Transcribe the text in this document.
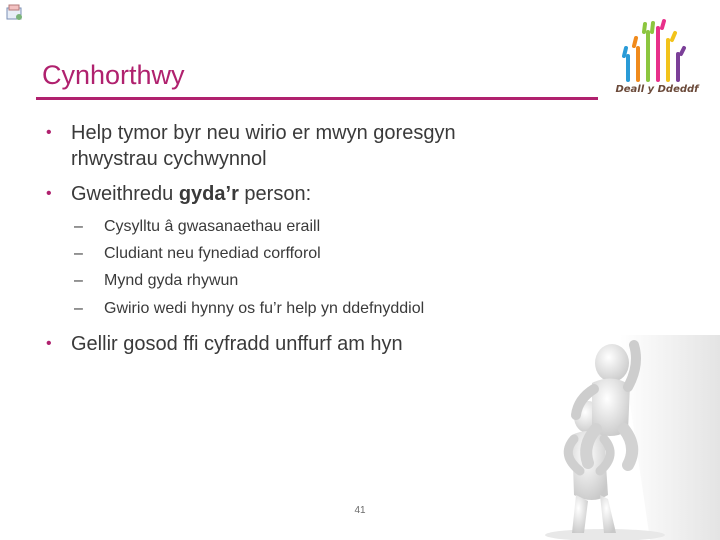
Cynhorthwy	Deall y Ddeddf
• Help tymor byr neu wirio er mwyn goresgyn
rhwystrau cychwynnol
• Gweithredu gyda’r person:
– Cysylltu â gwasanaethau eraill
– Cludiant neu fynediad corfforol
– Mynd gyda rhywun
– Gwirio wedi hynny os fu’r help yn ddefnyddiol
• Gellir gosod ffi cyfradd unffurf am hyn
41
